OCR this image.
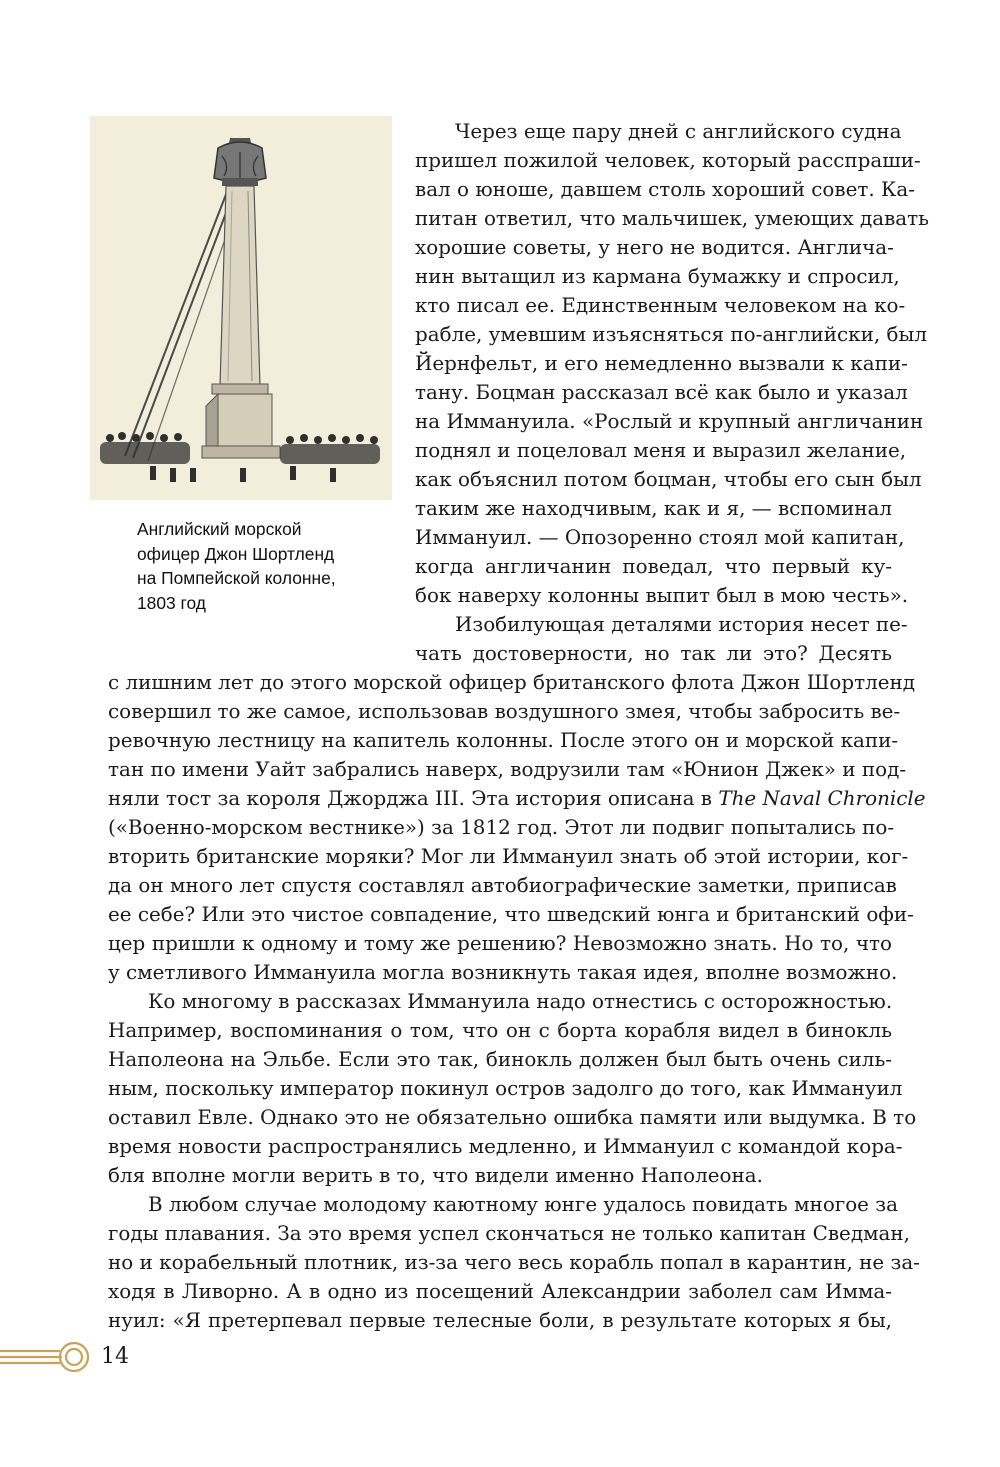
Английский морской
офицер Джон Шортленд
на Помпейской колонне,
1803 год
Через еще пару дней с английского судна
пришел пожилой человек, который расспраши-
вал о юноше, давшем столь хороший совет. Ка-
питан ответил, что мальчишек, умеющих давать
хорошие советы, у него не водится. Англича-
нин вытащил из кармана бумажку и спросил,
кто писал ее. Единственным человеком на ко-
рабле, умевшим изъясняться по-английски, был
Йернфельт, и его немедленно вызвали к капи-
тану. Боцман рассказал всё как было и указал
на Иммануила. «Рослый и крупный англичанин
поднял и поцеловал меня и выразил желание,
как объяснил потом боцман, чтобы его сын был
таким же находчивым, как и я, — вспоминал
Иммануил. — Опозоренно стоял мой капитан,
когда англичанин поведал, что первый ку-
бок наверху колонны выпит был в мою честь».
Изобилующая деталями история несет пе-
чать достоверности, но так ли это? Десять
с лишним лет до этого морской офицер британского флота Джон Шортленд
совершил то же самое, использовав воздушного змея, чтобы забросить ве-
ревочную лестницу на капитель колонны. После этого он и морской капи-
тан по имени Уайт забрались наверх, водрузили там «Юнион Джек» и под-
няли тост за короля Джорджа III. Эта история описана в The Naval Chronicle
(«Военно-морском вестнике») за 1812 год. Этот ли подвиг попытались по-
вторить британские моряки? Мог ли Иммануил знать об этой истории, ког-
да он много лет спустя составлял автобиографические заметки, приписав
ее себе? Или это чистое совпадение, что шведский юнга и британский офи-
цер пришли к одному и тому же решению? Невозможно знать. Но то, что
у сметливого Иммануила могла возникнуть такая идея, вполне возможно.
Ко многому в рассказах Иммануила надо отнестись с осторожностью.
Например, воспоминания о том, что он с борта корабля видел в бинокль
Наполеона на Эльбе. Если это так, бинокль должен был быть очень силь-
ным, поскольку император покинул остров задолго до того, как Иммануил
оставил Евле. Однако это не обязательно ошибка памяти или выдумка. В то
время новости распространялись медленно, и Иммануил с командой кора-
бля вполне могли верить в то, что видели именно Наполеона.
В любом случае молодому каютному юнге удалось повидать многое за
годы плавания. За это время успел скончаться не только капитан Сведман,
но и корабельный плотник, из-за чего весь корабль попал в карантин, не за-
ходя в Ливорно. А в одно из посещений Александрии заболел сам Имма-
нуил: «Я претерпевал первые телесные боли, в результате которых я бы,
14
